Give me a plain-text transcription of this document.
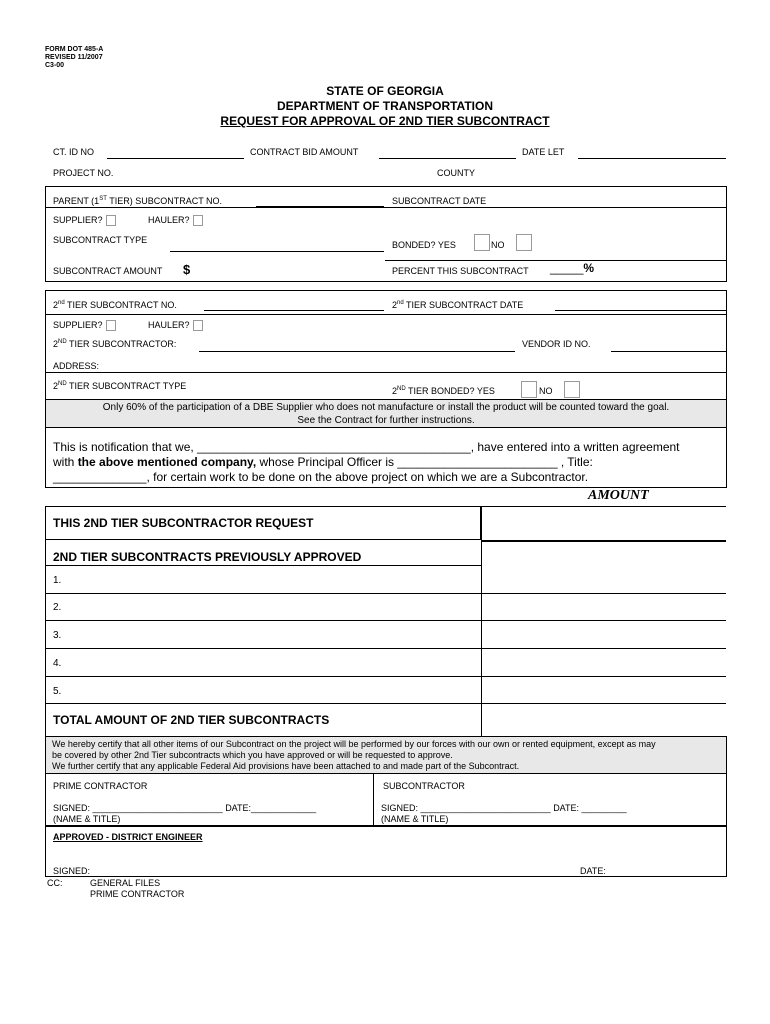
FORM DOT 485-A
REVISED 11/2007
C3-00
STATE OF GEORGIA
DEPARTMENT OF TRANSPORTATION
REQUEST FOR APPROVAL OF 2ND TIER SUBCONTRACT
CT. ID NO	CONTRACT BID AMOUNT	DATE LET
PROJECT NO.	COUNTY
PARENT (1ST TIER) SUBCONTRACT NO.	SUBCONTRACT DATE
SUPPLIER?	HAULER?
SUBCONTRACT TYPE	BONDED? YES	NO
SUBCONTRACT AMOUNT $	PERCENT THIS SUBCONTRACT _____%
2nd TIER SUBCONTRACT NO.	2nd TIER SUBCONTRACT DATE
SUPPLIER?	HAULER?
2ND TIER SUBCONTRACTOR:	VENDOR ID NO.
ADDRESS:
2ND TIER SUBCONTRACT TYPE	2ND TIER BONDED? YES	NO
Only 60% of the participation of a DBE Supplier who does not manufacture or install the product will be counted toward the goal.
See the Contract for further instructions.
This is notification that we, _________________________________________, have entered into a written agreement
with the above mentioned company, whose Principal Officer is ________________________ , Title:
______________, for certain work to be done on the above project on which we are a Subcontractor.
AMOUNT
THIS 2ND TIER SUBCONTRACTOR REQUEST
2ND TIER SUBCONTRACTS PREVIOUSLY APPROVED
1.
2.
3.
4.
5.
TOTAL AMOUNT OF 2ND TIER SUBCONTRACTS
We hereby certify that all other items of our Subcontract on the project will be performed by our forces with our own or rented equipment, except as may
be covered by other 2nd Tier subcontracts which you have approved or will be requested to approve.
We further certify that any applicable Federal Aid provisions have been attached to and made part of the Subcontract.
PRIME CONTRACTOR	SUBCONTRACTOR
SIGNED: __________________________ DATE:_____________
(NAME & TITLE)
SIGNED: __________________________ DATE: _________
(NAME & TITLE)
APPROVED - DISTRICT ENGINEER
SIGNED:	DATE:
CC:	GENERAL FILES
PRIME CONTRACTOR
